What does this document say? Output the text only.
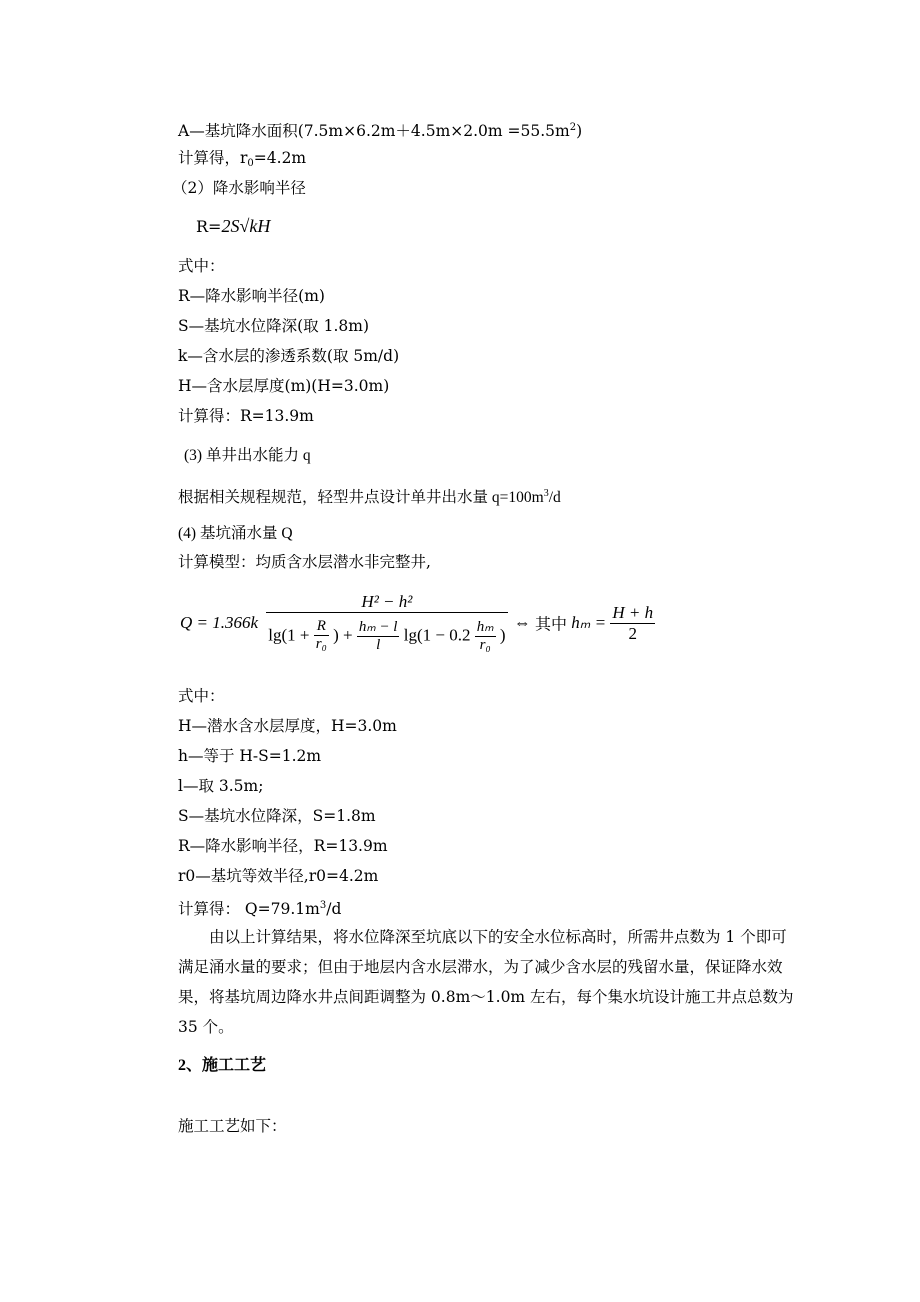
A—基坑降水面积$(7.5m\times 6.2m+4.5m\times 2.0m =55.5m^2)$
计算得，$r_0=4.2m$
（2）降水影响半径
R=2S√kH
式中：
R—降水影响半径(m)
S—基坑水位降深(取 1.8m)
k—含水层的渗透系数(取 5m/d)
H—含水层厚度(m)(H=3.0m)
计算得：R=13.9m
(3) 单井出水能力 q
根据相关规程规范，轻型井点设计单井出水量 $q=100m^3/d$
(4) 基坑涌水量 Q
计算模型：均质含水层潜水非完整井,
Q = 1.366k
H² − h²
$\lg(1 + \frac{R}{\text{r₀}}$ ) + $\frac{\text{hₘ − l}}{l} \lg(1 - 0.2 \frac{\text{hₘ}}{\text{r₀}}$ )
⇔ 其中 $h_m = \frac{H + h}{2}$
式中：
H—潜水含水层厚度，H=3.0m
h—等于 H-S=1.2m
l—取 3.5m;
S—基坑水位降深，S=1.8m
R—降水影响半径，R=13.9m
r0—基坑等效半径,r0=4.2m
计算得： $Q=79.1m^3/d$
由以上计算结果，将水位降深至坑底以下的安全水位标高时，所需井点数为 1 个即可满足涌水量的要求；但由于地层内含水层滞水，为了减少含水层的残留水量，保证降水效果，将基坑周边降水井点间距调整为 0.8m～1.0m 左右，每个集水坑设计施工井点总数为 35 个。
2、施工工艺
施工工艺如下：
